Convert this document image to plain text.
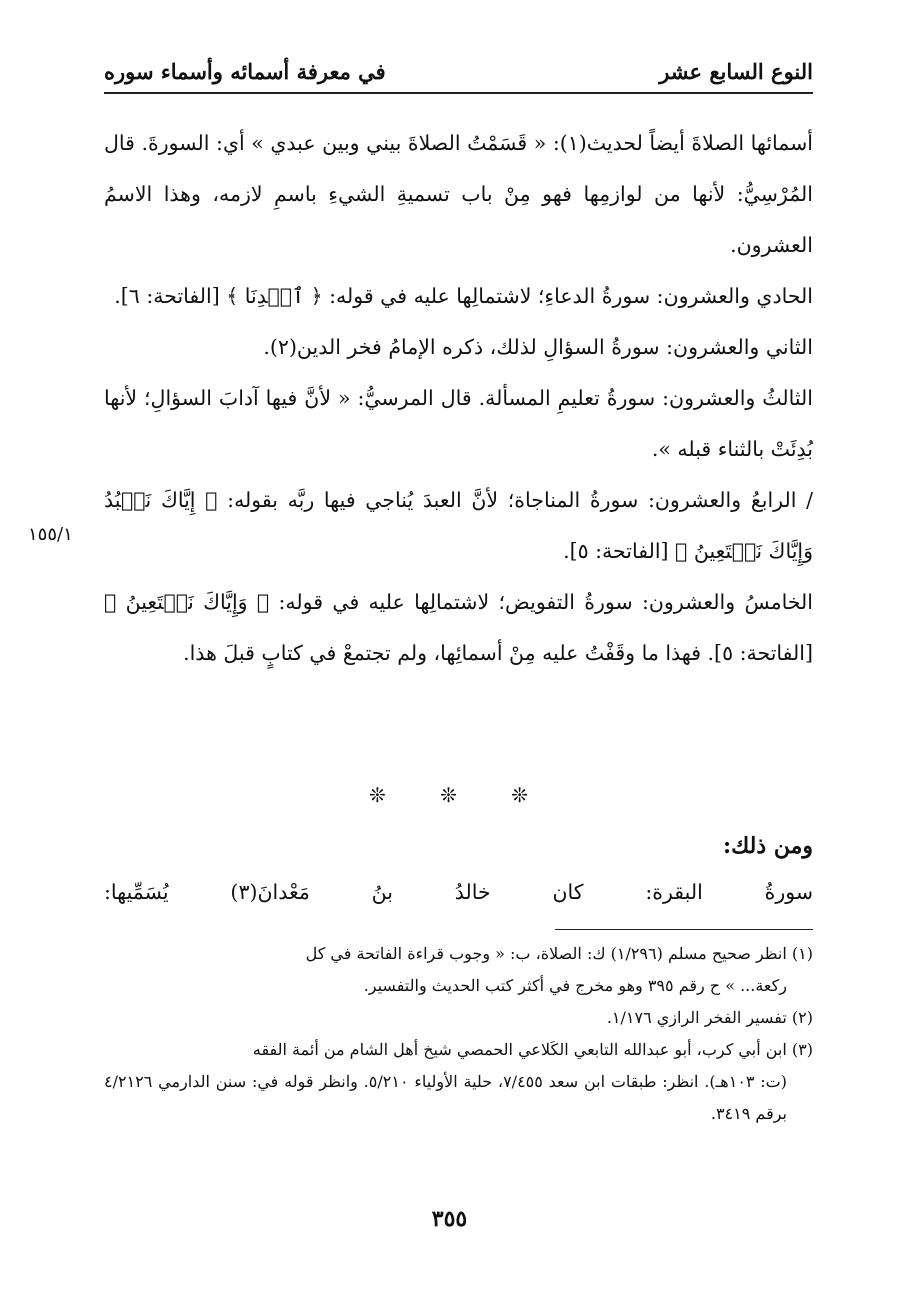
النوع السابع عشر
في معرفة أسمائه وأسماء سوره

أسمائها الصلاةَ أيضاً لحديث(١): « قَسَمْتُ الصلاةَ بيني وبين عبدي » أي: السورةَ. قال المُرْسِيُّ: لأنها من لوازمِها فهو مِنْ باب تسميةِ الشيءِ باسمِ لازمه، وهذا الاسمُ العشرون.

الحادي والعشرون: سورةُ الدعاءِ؛ لاشتمالِها عليه في قوله: ﴿ ٱهۡدِنَا ﴾ [الفاتحة: ٦].

الثاني والعشرون: سورةُ السؤالِ لذلك، ذكره الإمامُ فخر الدين(٢).

الثالثُ والعشرون: سورةُ تعليمِ المسألة. قال المرسيُّ: « لأنَّ فيها آدابَ السؤالِ؛ لأنها بُدِئَتْ بالثناء قبله ».

/ الرابعُ والعشرون: سورةُ المناجاة؛ لأنَّ العبدَ يُناجي فيها ربَّه بقوله: ﴿ إِيَّاكَ نَعۡبُدُ وَإِيَّاكَ نَسۡتَعِينُ ﴾ [الفاتحة: ٥].

الخامسُ والعشرون: سورةُ التفويض؛ لاشتمالِها عليه في قوله: ﴿ وَإِيَّاكَ نَسۡتَعِينُ ﴾ [الفاتحة: ٥]. فهذا ما وقَفْتُ عليه مِنْ أسمائِها، ولم تجتمعْ في كتابٍ قبلَ هذا.

١٥٥/١
❊	❊	❊
ومن ذلك:
سورةُ البقرة: كان خالدُ بنُ مَعْدانَ(٣) يُسَمِّيها:

(١) انظر صحيح مسلم (١/٢٩٦) ك: الصلاة، ب: « وجوب قراءة الفاتحة في كل

ركعة... » ح رقم ٣٩٥ وهو مخرج في أكثر كتب الحديث والتفسير.

(٢) تفسير الفخر الرازي ١/١٧٦.

(٣) ابن أبي كرب، أبو عبدالله التابعي الكَلاعي الحمصي شيخ أهل الشام من أئمة الفقه

(ت: ١٠٣هـ). انظر: طبقات ابن سعد ٧/٤٥٥، حلية الأولياء ٥/٢١٠. وانظر قوله في: سنن الدارمي ٤/٢١٢٦ برقم ٣٤١٩.

٣٥٥
